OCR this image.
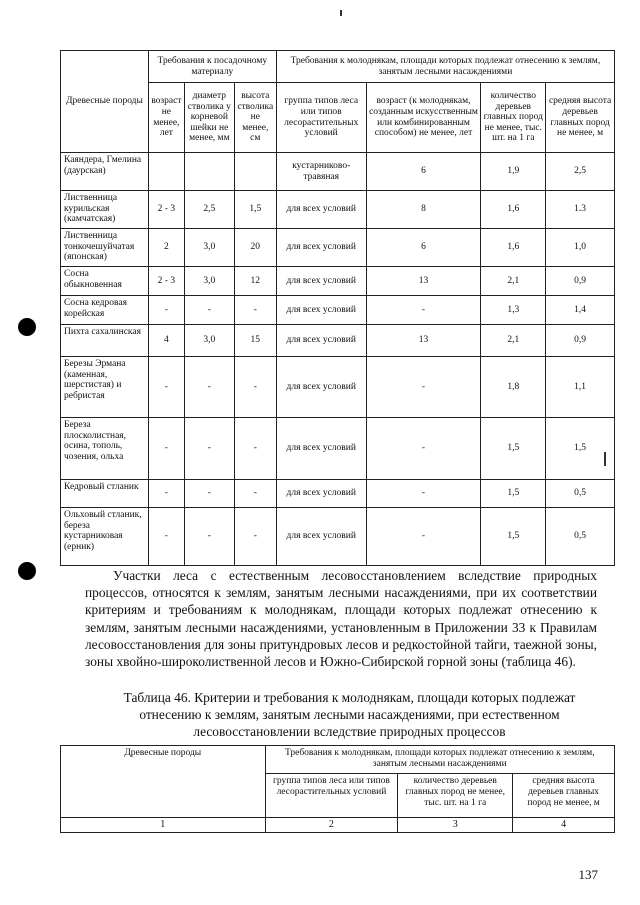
Древесные породы	Требования к посадочному материалу			Требования к молоднякам, площади которых подлежат отнесению к землям, занятым лесными насаждениями			
	возраст не менее, лет	диаметр стволика у корневой шейки не менее, мм	высота стволика не менее, см	группа типов леса или типов лесорастительных условий	возраст (к молоднякам, созданным искусственным или комбинированным способом) не менее, лет	количество деревьев главных пород не менее, тыс. шт. на 1 га	средняя высота деревьев главных пород не менее, м
Каяндера, Гмелина (даурская)				кустарниково-травяная	6	1,9	2,5
Лиственница курильская (камчатская)	2 - 3	2,5	1,5	для всех условий	8	1,6	1.3
Лиственница тонкочешуйчатая (японская)	2	3,0	20	для всех условий	6	1,6	1,0
Сосна обыкновенная	2 - 3	3,0	12	для всех условий	13	2,1	0,9
Сосна кедровая корейская	-	-	-	для всех условий	-	1,3	1,4
Пихта сахалинская	4	3,0	15	для всех условий	13	2,1	0,9
Березы Эрмана (каменная, шерстистая) и ребристая	-	-	-	для всех условий	-	1,8	1,1
Береза плосколистная, осина, тополь, чозения, ольха	-	-	-	для всех условий	-	1,5	1,5
Кедровый стланик	-	-	-	для всех условий	-	1,5	0,5
Ольховый стланик, береза кустарниковая (ерник)	-	-	-	для всех условий	-	1,5	0,5

Участки леса с естественным лесовосстановлением вследствие природных процессов, относятся к землям, занятым лесными насаждениями, при их соответствии критериям и требованиям к молоднякам, площади которых подлежат отнесению к землям, занятым лесными насаждениями, установленным в Приложении 33 к Правилам лесовосстановления для зоны притундровых лесов и редкостойной тайги, таежной зоны, зоны хвойно-широколиственной лесов и Южно-Сибирской горной зоны (таблица 46).

Таблица 46. Критерии и требования к молоднякам, площади которых подлежат отнесению к землям, занятым лесными насаждениями, при естественном лесовосстановлении вследствие природных процессов

Древесные породы	Требования к молоднякам, площади которых подлежат отнесению к землям, занятым лесными насаждениями		
	группа типов леса или типов лесорастительных условий	количество деревьев главных пород не менее, тыс. шт. на 1 га	средняя высота деревьев главных пород не менее, м
1	2	3	4
137
